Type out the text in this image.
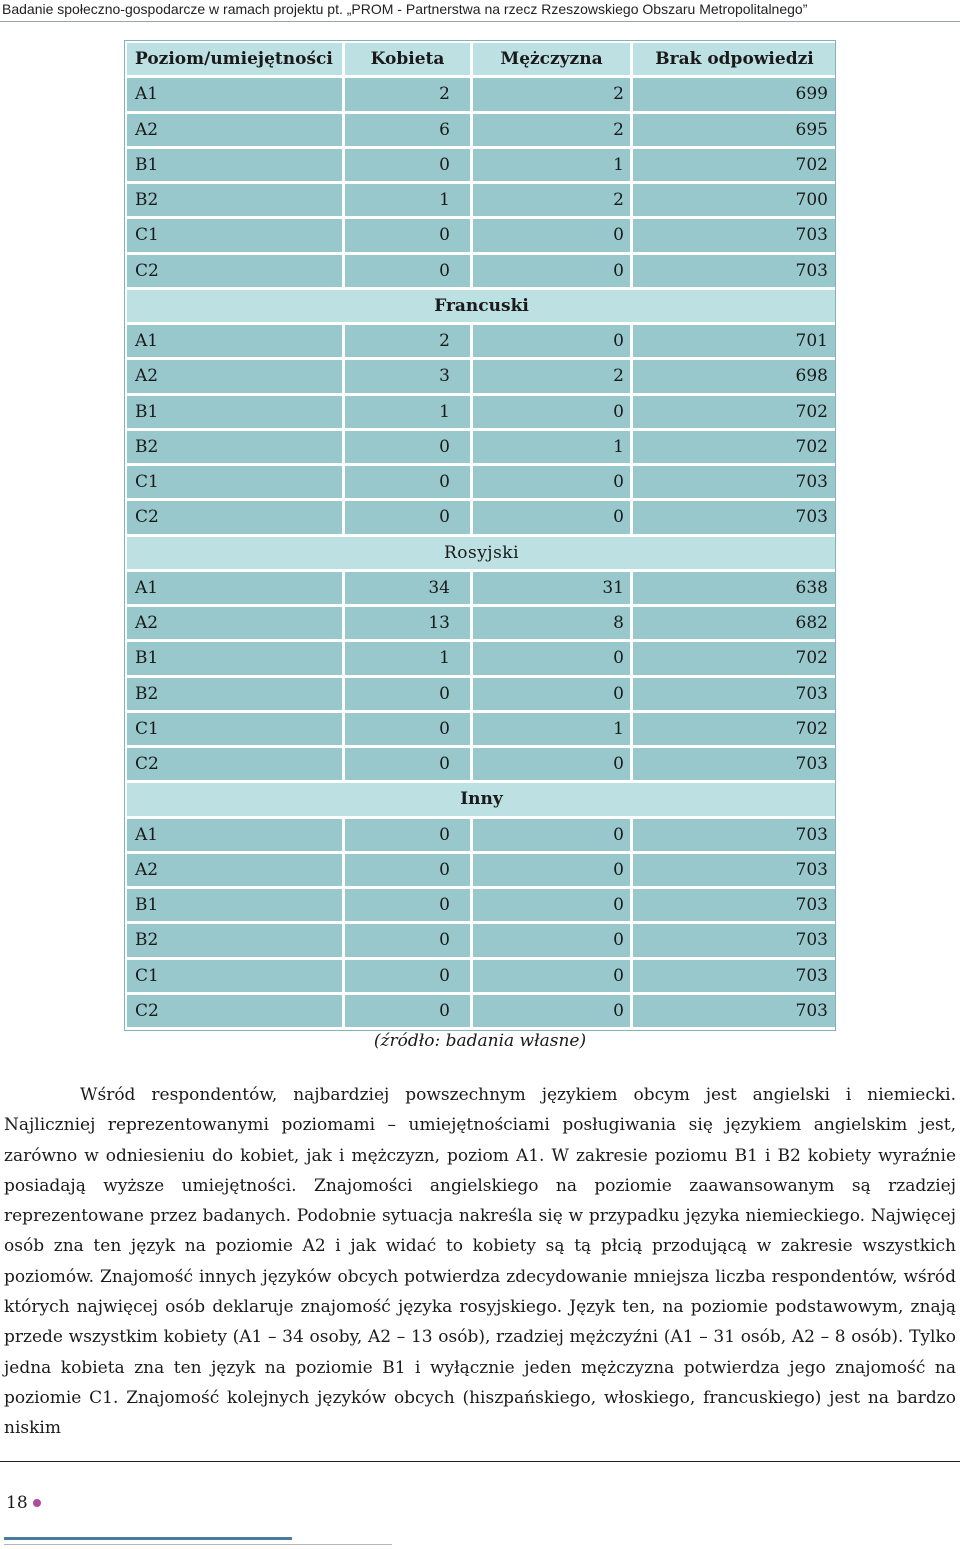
Badanie społeczno-gospodarcze w ramach projektu pt. „PROM - Partnerstwa na rzecz Rzeszowskiego Obszaru Metropolitalnego”
Poziom/umiejętności	Kobieta	Mężczyzna	Brak odpowiedzi
A1	2	2	699
A2	6	2	695
B1	0	1	702
B2	1	2	700
C1	0	0	703
C2	0	0	703
Francuski			
A1	2	0	701
A2	3	2	698
B1	1	0	702
B2	0	1	702
C1	0	0	703
C2	0	0	703
Rosyjski			
A1	34	31	638
A2	13	8	682
B1	1	0	702
B2	0	0	703
C1	0	1	702
C2	0	0	703
Inny			
A1	0	0	703
A2	0	0	703
B1	0	0	703
B2	0	0	703
C1	0	0	703
C2	0	0	703
(źródło: badania własne)

Wśród respondentów, najbardziej powszechnym językiem obcym jest angielski i niemiecki. Najliczniej reprezentowanymi poziomami – umiejętnościami posługiwania się językiem angielskim jest, zarówno w odniesieniu do kobiet, jak i mężczyzn, poziom A1. W zakresie poziomu B1 i B2 kobiety wyraźnie posiadają wyższe umiejętności. Znajomości angielskiego na poziomie zaawansowanym są rzadziej reprezentowane przez badanych. Podobnie sytuacja nakreśla się w przypadku języka niemieckiego. Najwięcej osób zna ten język na poziomie A2 i jak widać to kobiety są tą płcią przodującą w zakresie wszystkich poziomów. Znajomość innych języków obcych potwierdza zdecydowanie mniejsza liczba respondentów, wśród których najwięcej osób deklaruje znajomość języka rosyjskiego. Język ten, na poziomie podstawowym, znają przede wszystkim kobiety (A1 – 34 osoby, A2 – 13 osób), rzadziej mężczyźni (A1 – 31 osób, A2 – 8 osób). Tylko jedna kobieta zna ten język na poziomie B1 i wyłącznie jeden mężczyzna potwierdza jego znajomość na poziomie C1. Znajomość kolejnych języków obcych (hiszpańskiego, włoskiego, francuskiego) jest na bardzo niskim

18
